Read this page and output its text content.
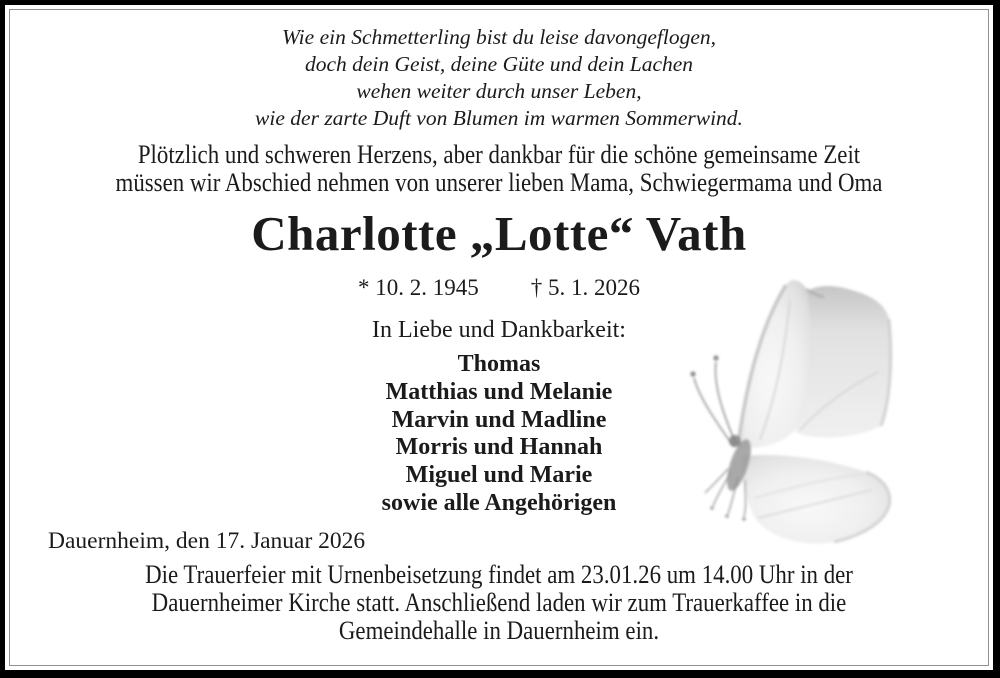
Wie ein Schmetterling bist du leise davongeflogen,
doch dein Geist, deine Güte und dein Lachen
wehen weiter durch unser Leben,
wie der zarte Duft von Blumen im warmen Sommerwind.
Plötzlich und schweren Herzens, aber dankbar für die schöne gemeinsame Zeit
müssen wir Abschied nehmen von unserer lieben Mama, Schwiegermama und Oma
Charlotte „Lotte“ Vath
* 10. 2. 1945 † 5. 1. 2026
In Liebe und Dankbarkeit:
Thomas
Matthias und Melanie
Marvin und Madline
Morris und Hannah
Miguel und Marie
sowie alle Angehörigen
Dauernheim, den 17. Januar 2026
Die Trauerfeier mit Urnenbeisetzung findet am 23.01.26 um 14.00 Uhr in der
Dauernheimer Kirche statt. Anschließend laden wir zum Trauerkaffee in die
Gemeindehalle in Dauernheim ein.
